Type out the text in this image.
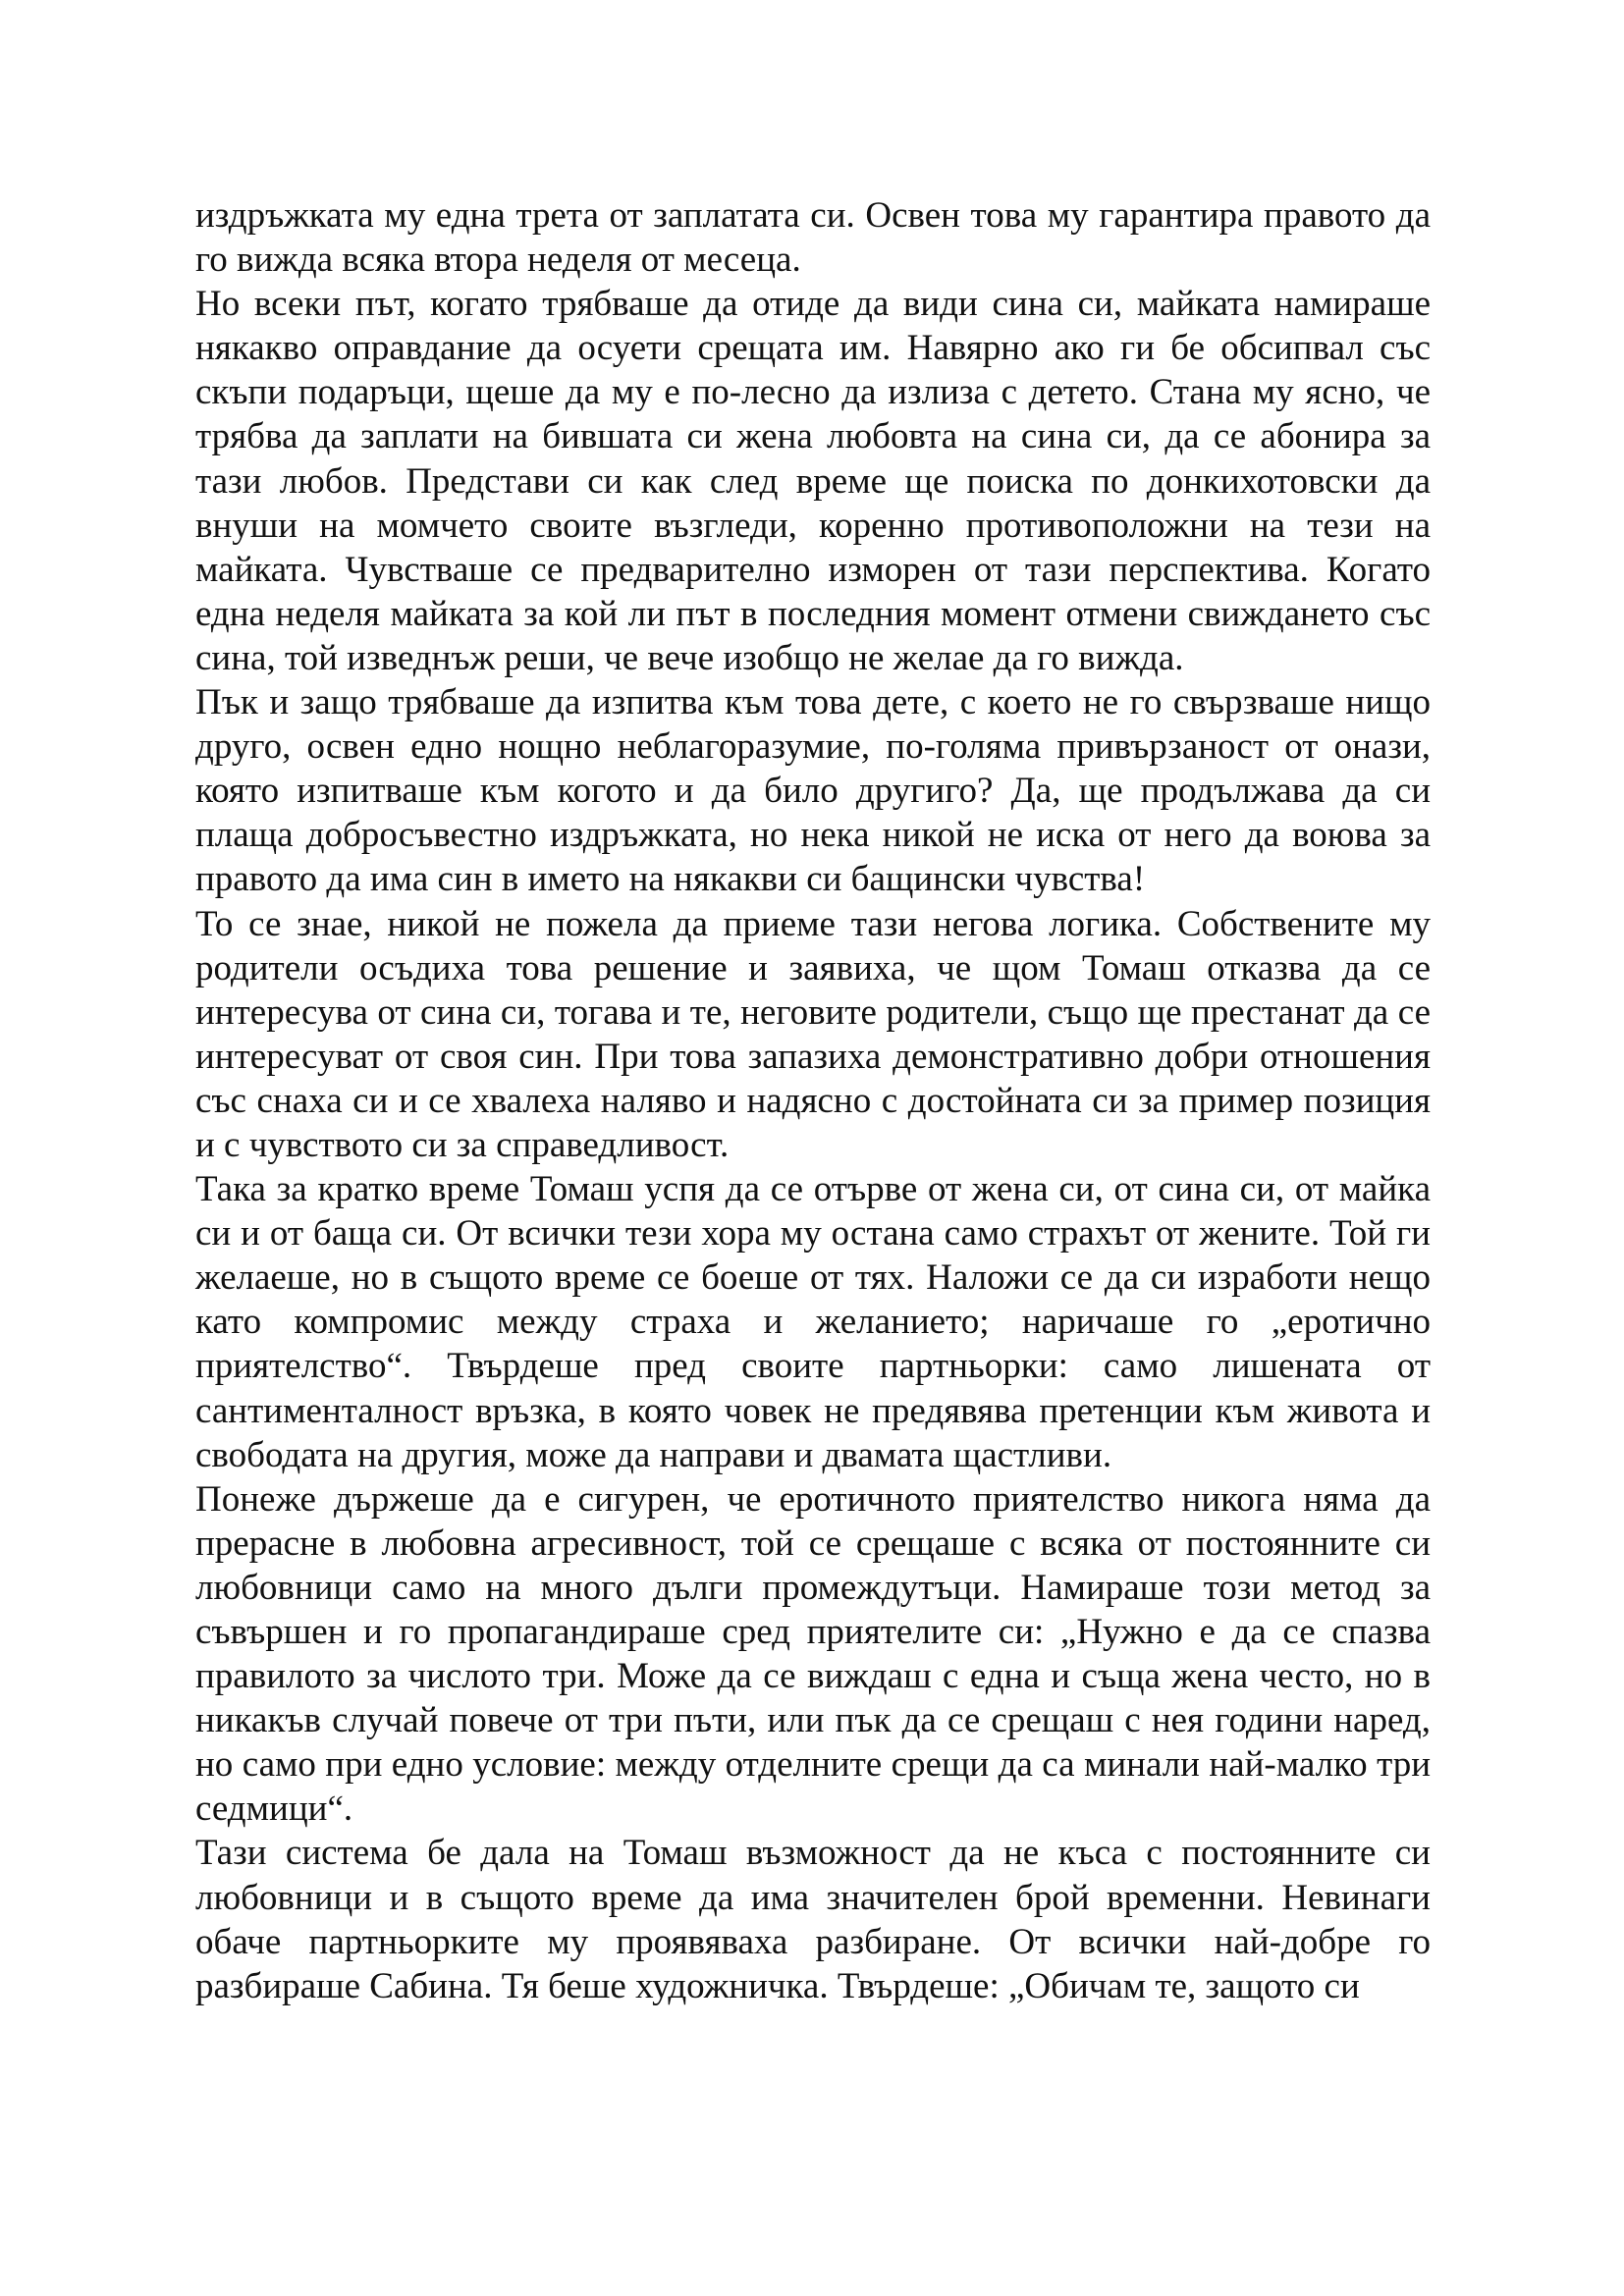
издръжката му една трета от заплатата си. Освен това му гарантира правото да го вижда всяка втора неделя от месеца.

Но всеки път, когато трябваше да отиде да види сина си, майката намираше някакво оправдание да осуети срещата им. Навярно ако ги бе обсипвал със скъпи подаръци, щеше да му е по-лесно да излиза с детето. Стана му ясно, че трябва да заплати на бившата си жена любовта на сина си, да се абонира за тази любов. Представи си как след време ще поиска по донкихотовски да внуши на момчето своите възгледи, коренно противоположни на тези на майката. Чувстваше се предварително изморен от тази перспектива. Когато една неделя майката за кой ли път в последния момент отмени свиждането със сина, той изведнъж реши, че вече изобщо не желае да го вижда.

Пък и защо трябваше да изпитва към това дете, с което не го свързваше нищо друго, освен едно нощно неблагоразумие, по-голяма привързаност от онази, която изпитваше към когото и да било другиго? Да, ще продължава да си плаща добросъвестно издръжката, но нека никой не иска от него да воюва за правото да има син в името на някакви си бащински чувства!

То се знае, никой не пожела да приеме тази негова логика. Собствените му родители осъдиха това решение и заявиха, че щом Томаш отказва да се интересува от сина си, тогава и те, неговите родители, също ще престанат да се интересуват от своя син. При това запазиха демонстративно добри отношения със снаха си и се хвалеха наляво и надясно с достойната си за пример позиция и с чувството си за справедливост.

Така за кратко време Томаш успя да се отърве от жена си, от сина си, от майка си и от баща си. От всички тези хора му остана само страхът от жените. Той ги желаеше, но в същото време се боеше от тях. Наложи се да си изработи нещо като компромис между страха и желанието; наричаше го „еротично приятелство“. Твърдеше пред своите партньорки: само лишената от сантименталност връзка, в която човек не предявява претенции към живота и свободата на другия, може да направи и двамата щастливи.

Понеже държеше да е сигурен, че еротичното приятелство никога няма да прерасне в любовна агресивност, той се срещаше с всяка от постоянните си любовници само на много дълги промеждутъци. Намираше този метод за съвършен и го пропагандираше сред приятелите си: „Нужно е да се спазва правилото за числото три. Може да се виждаш с една и съща жена често, но в никакъв случай повече от три пъти, или пък да се срещаш с нея години наред, но само при едно условие: между отделните срещи да са минали най-малко три седмици“.

Тази система бе дала на Томаш възможност да не къса с постоянните си любовници и в същото време да има значителен брой временни. Невинаги обаче партньорките му проявяваха разбиране. От всички най-добре го разбираше Сабина. Тя беше художничка. Твърдеше: „Обичам те, защото си
